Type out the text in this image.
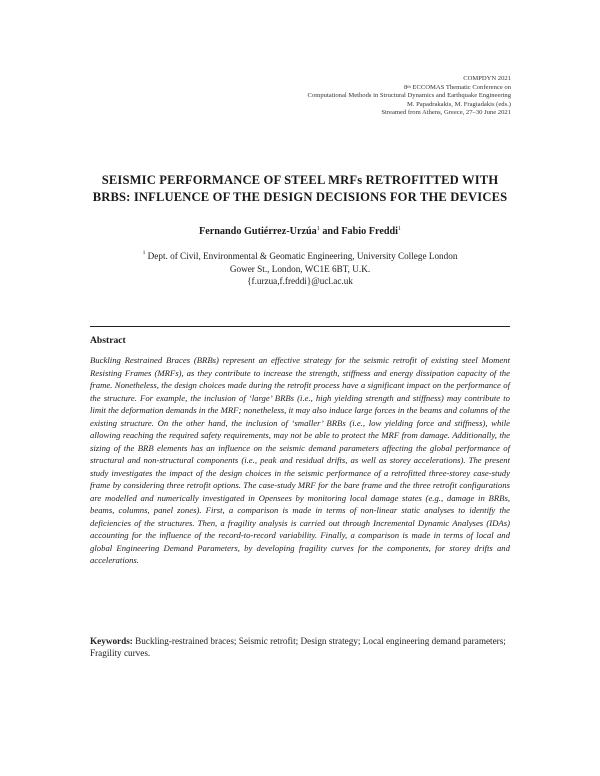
COMPDYN 2021
8th ECCOMAS Thematic Conference on
Computational Methods in Structural Dynamics and Earthquake Engineering
M. Papadrakakis, M. Fragiadakis (eds.)
Streamed from Athens, Greece, 27–30 June 2021
SEISMIC PERFORMANCE OF STEEL MRFs RETROFITTED WITH
BRBS: INFLUENCE OF THE DESIGN DECISIONS FOR THE DEVICES
Fernando Gutiérrez-Urzúa$^1$ and Fabio Freddi$^1$
$^1$ Dept. of Civil, Environmental & Geomatic Engineering, University College London
Gower St., London, WC1E 6BT, U.K.
{f.urzua,f.freddi}@ucl.ac.uk
Abstract
Buckling Restrained Braces (BRBs) represent an effective strategy for the seismic retrofit of existing steel Moment Resisting Frames (MRFs), as they contribute to increase the strength, stiffness and energy dissipation capacity of the frame. Nonetheless, the design choices made during the retrofit process have a significant impact on the performance of the structure. For example, the inclusion of ‘large’ BRBs (i.e., high yielding strength and stiffness) may contribute to limit the deformation demands in the MRF; nonetheless, it may also induce large forces in the beams and columns of the existing structure. On the other hand, the inclusion of ‘smaller’ BRBs (i.e., low yielding force and stiffness), while allowing reaching the required safety requirements, may not be able to protect the MRF from damage. Additionally, the sizing of the BRB elements has an influence on the seismic demand parameters affecting the global performance of structural and non-structural components (i.e., peak and residual drifts, as well as storey accelerations). The present study investigates the impact of the design choices in the seismic performance of a retrofitted three-storey case-study frame by considering three retrofit options. The case-study MRF for the bare frame and the three retrofit configurations are modelled and numerically investigated in Opensees by monitoring local damage states (e.g., damage in BRBs, beams, columns, panel zones). First, a comparison is made in terms of non-linear static analyses to identify the deficiencies of the structures. Then, a fragility analysis is carried out through Incremental Dynamic Analyses (IDAs) accounting for the influence of the record-to-record variability. Finally, a comparison is made in terms of local and global Engineering Demand Parameters, by developing fragility curves for the components, for storey drifts and accelerations.
Keywords: Buckling-restrained braces; Seismic retrofit; Design strategy; Local engineering demand parameters; Fragility curves.
